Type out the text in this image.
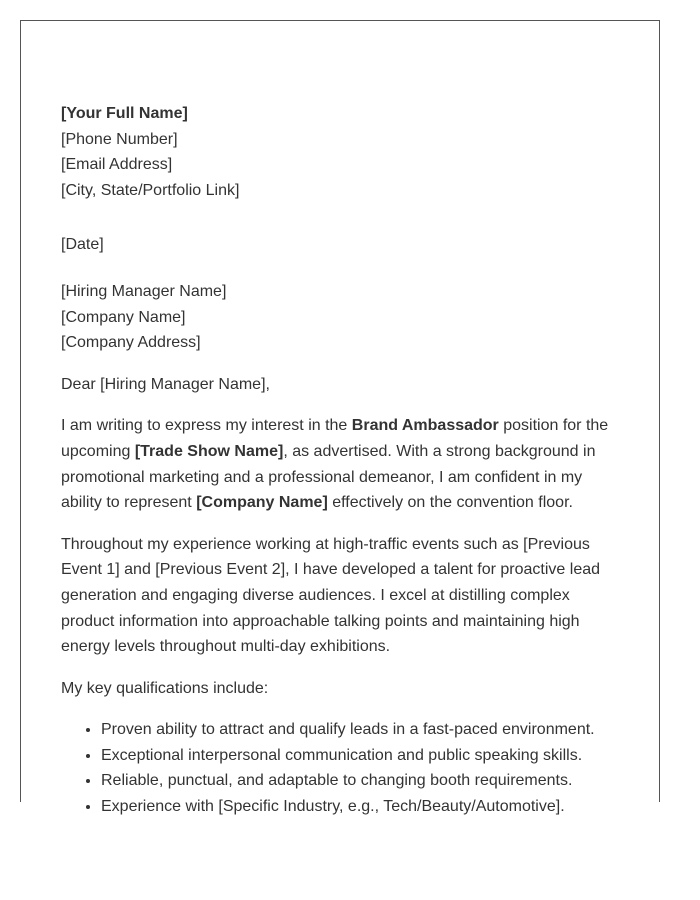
[Your Full Name]
[Phone Number]
[Email Address]
[City, State/Portfolio Link]
[Date]
[Hiring Manager Name]
[Company Name]
[Company Address]

Dear [Hiring Manager Name],

I am writing to express my interest in the Brand Ambassador position for the upcoming [Trade Show Name], as advertised. With a strong background in promotional marketing and a professional demeanor, I am confident in my ability to represent [Company Name] effectively on the convention floor.

Throughout my experience working at high-traffic events such as [Previous Event 1] and [Previous Event 2], I have developed a talent for proactive lead generation and engaging diverse audiences. I excel at distilling complex product information into approachable talking points and maintaining high energy levels throughout multi-day exhibitions.

My key qualifications include:

• Proven ability to attract and qualify leads in a fast-paced environment.
• Exceptional interpersonal communication and public speaking skills.
• Reliable, punctual, and adaptable to changing booth requirements.
• Experience with [Specific Industry, e.g., Tech/Beauty/Automotive].
